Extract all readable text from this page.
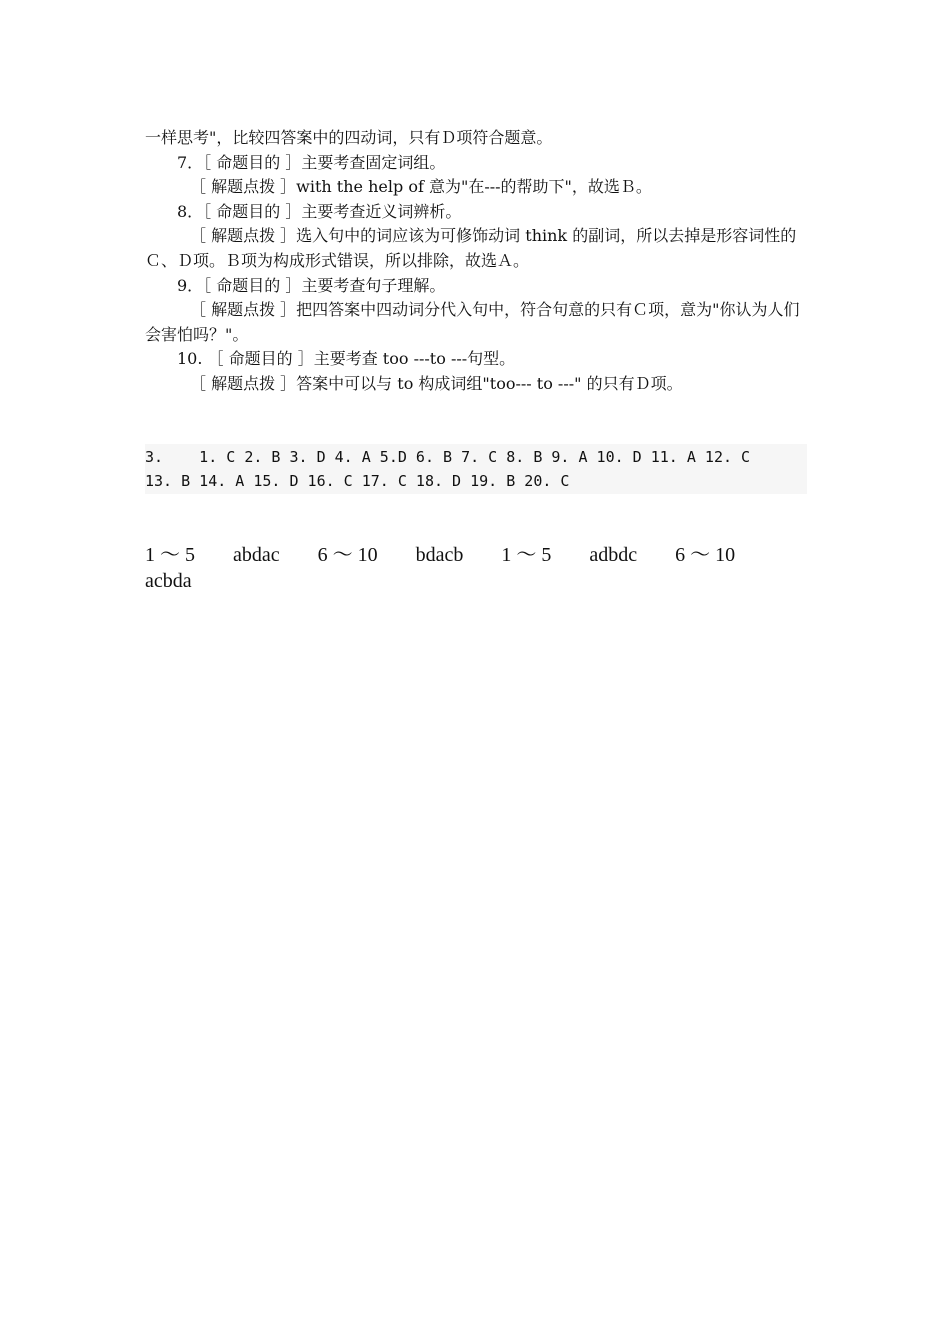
一样思考"，比较四答案中的四动词，只有Ｄ项符合题意。

7．［ 命题目的 ］主要考查固定词组。

［ 解题点拨 ］with the help of 意为"在---的帮助下"，故选Ｂ。

8．［ 命题目的 ］主要考查近义词辨析。

［ 解题点拨 ］选入句中的词应该为可修饰动词 think 的副词，所以去掉是形容词性的Ｃ、Ｄ项。Ｂ项为构成形式错误，所以排除，故选Ａ。

9．［ 命题目的 ］主要考查句子理解。

［ 解题点拨 ］把四答案中四动词分代入句中，符合句意的只有Ｃ项，意为"你认为人们会害怕吗？"。

10. ［ 命题目的 ］主要考查 too ---to ---句型。

［ 解题点拨 ］答案中可以与 to 构成词组"too--- to ---" 的只有Ｄ项。

3.    1. C 2. B 3. D 4. A 5.D 6. B 7. C 8. B 9. A 10. D 11. A 12. C
13. B 14. A 15. D 16. C 17. C 18. D 19. B 20. C
1 ～ 5 abdac 6 ～ 10 bdacb 1 ～ 5 adbdc 6 ～ 10
acbda
